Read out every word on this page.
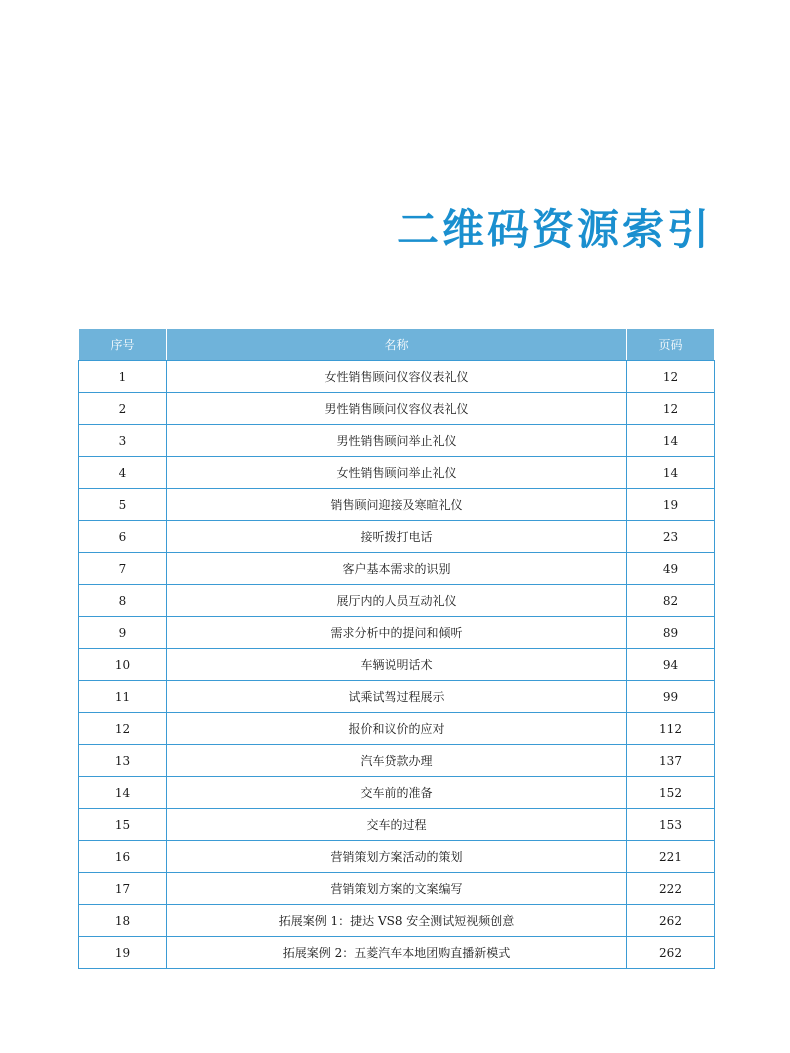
二维码资源索引
序号	名称	页码
1	女性销售顾问仪容仪表礼仪	12
2	男性销售顾问仪容仪表礼仪	12
3	男性销售顾问举止礼仪	14
4	女性销售顾问举止礼仪	14
5	销售顾问迎接及寒暄礼仪	19
6	接听拨打电话	23
7	客户基本需求的识别	49
8	展厅内的人员互动礼仪	82
9	需求分析中的提问和倾听	89
10	车辆说明话术	94
11	试乘试驾过程展示	99
12	报价和议价的应对	112
13	汽车贷款办理	137
14	交车前的准备	152
15	交车的过程	153
16	营销策划方案活动的策划	221
17	营销策划方案的文案编写	222
18	拓展案例 1：捷达 VS8 安全测试短视频创意	262
19	拓展案例 2：五菱汽车本地团购直播新模式	262
